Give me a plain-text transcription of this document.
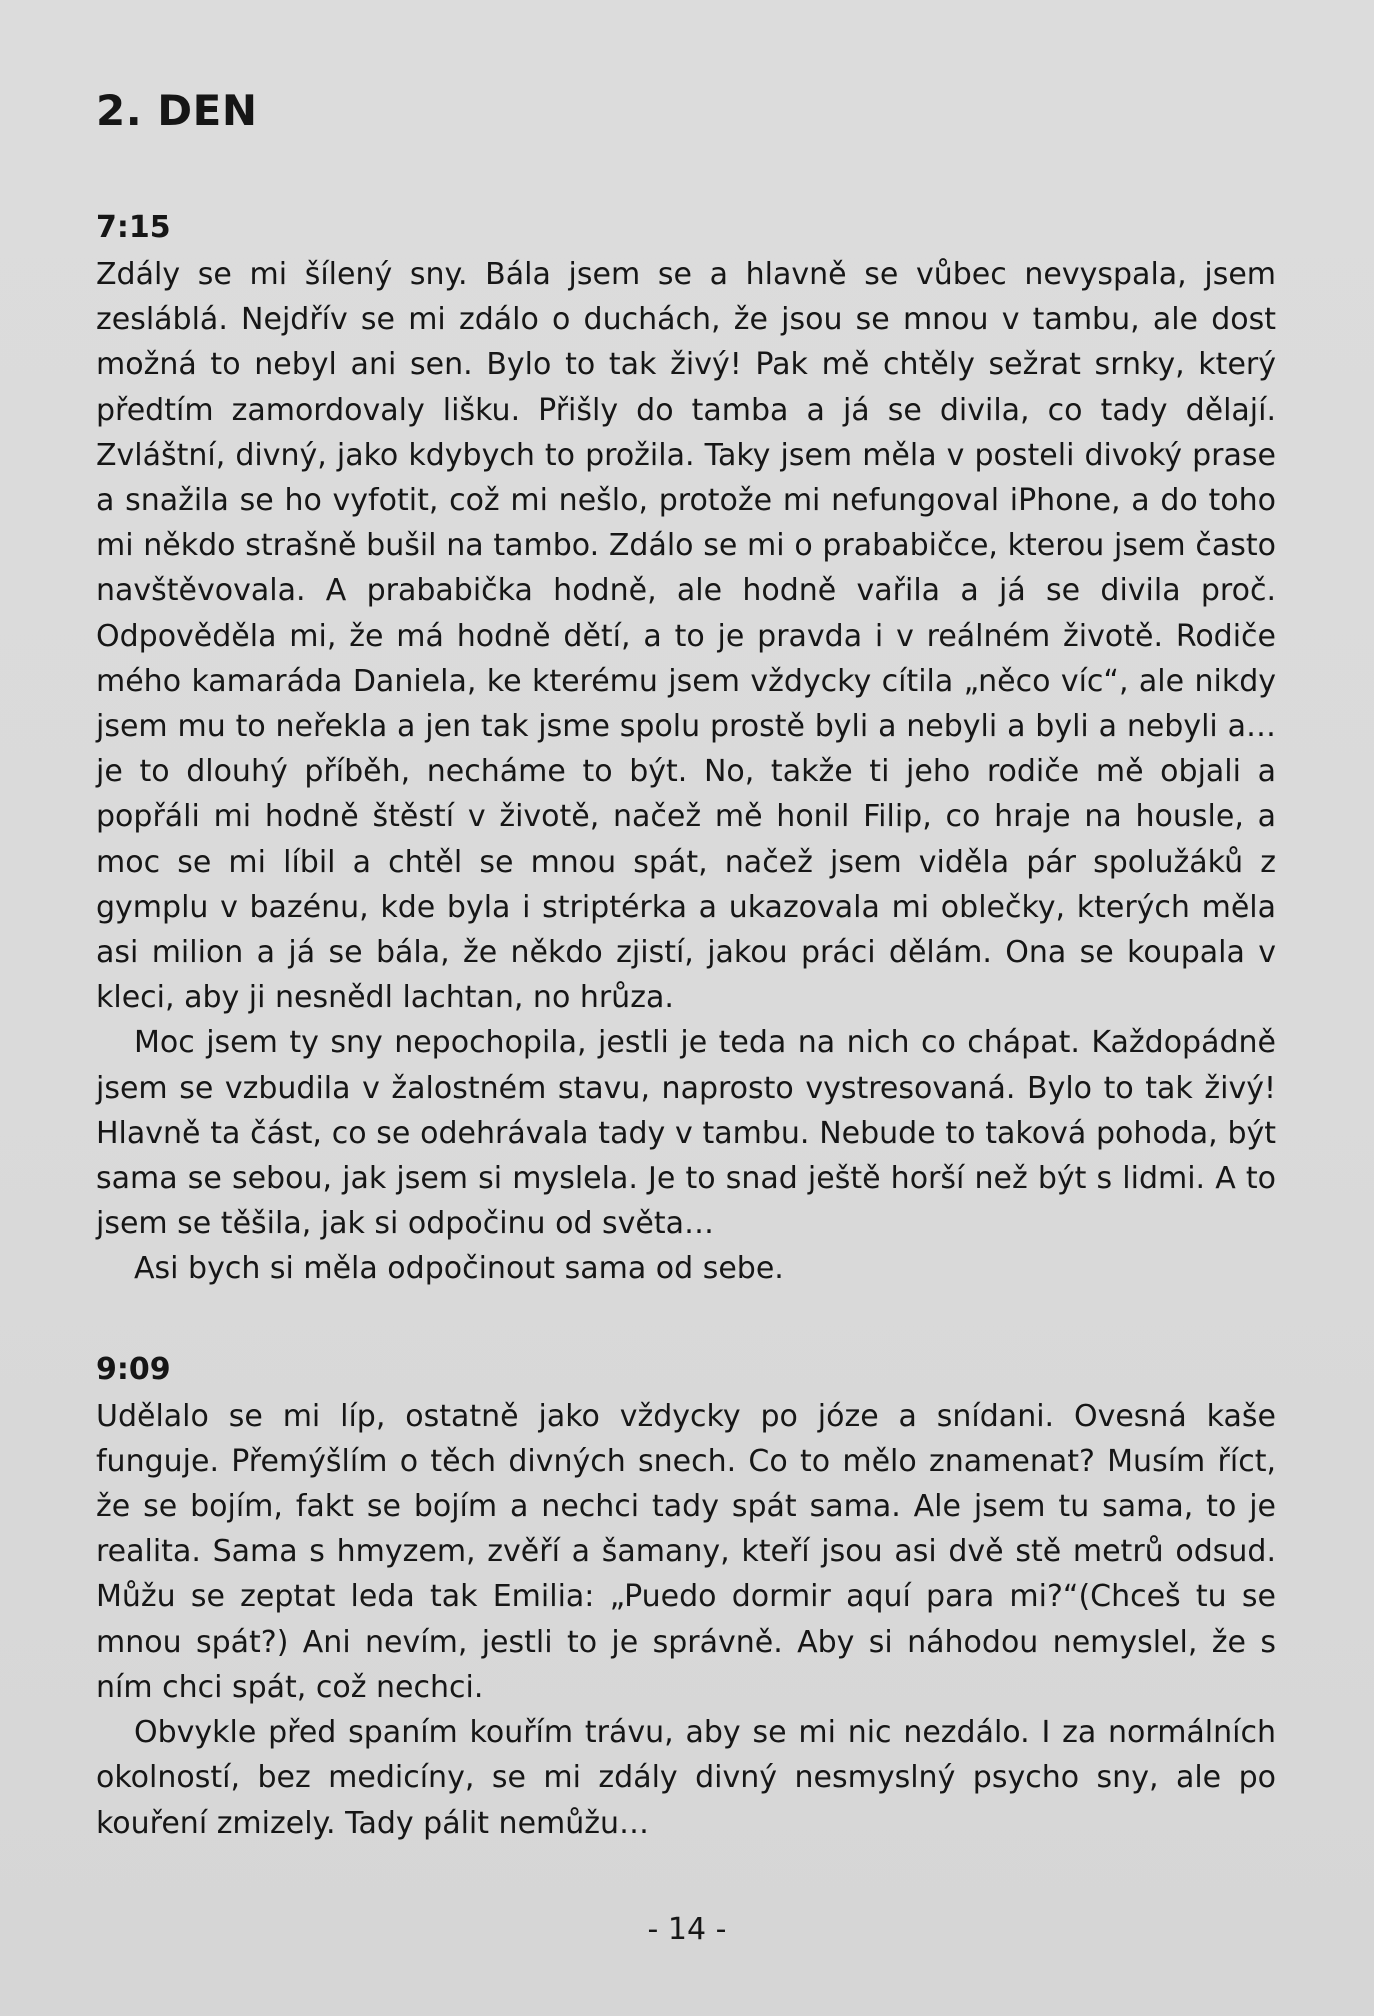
2. DEN
7:15

Zdály se mi šílený sny. Bála jsem se a hlavně se vůbec nevyspala, jsem zesláblá. Nejdřív se mi zdálo o duchách, že jsou se mnou v tambu, ale dost možná to nebyl ani sen. Bylo to tak živý! Pak mě chtěly sežrat srnky, který předtím zamordovaly lišku. Přišly do tamba a já se divila, co tady dělají. Zvláštní, divný, jako kdybych to prožila. Taky jsem měla v posteli divoký prase a snažila se ho vyfotit, což mi nešlo, protože mi nefungoval iPhone, a do toho mi někdo strašně bušil na tambo. Zdálo se mi o prababičce, kterou jsem často navštěvovala. A prababička hodně, ale hodně vařila a já se divila proč. Odpověděla mi, že má hodně dětí, a to je pravda i v reálném životě. Rodiče mého kamaráda Daniela, ke kterému jsem vždycky cítila „něco víc“, ale nikdy jsem mu to neřekla a jen tak jsme spolu prostě byli a nebyli a byli a nebyli a… je to dlouhý příběh, necháme to být. No, takže ti jeho rodiče mě objali a popřáli mi hodně štěstí v životě, načež mě honil Filip, co hraje na housle, a moc se mi líbil a chtěl se mnou spát, načež jsem viděla pár spolužáků z gymplu v bazénu, kde byla i striptérka a ukazovala mi oblečky, kterých měla asi milion a já se bála, že někdo zjistí, jakou práci dělám. Ona se koupala v kleci, aby ji nesnědl lachtan, no hrůza.

Moc jsem ty sny nepochopila, jestli je teda na nich co chápat. Každopádně jsem se vzbudila v žalostném stavu, naprosto vystresovaná. Bylo to tak živý! Hlavně ta část, co se odehrávala tady v tambu. Nebude to taková pohoda, být sama se sebou, jak jsem si myslela. Je to snad ještě horší než být s lidmi. A to jsem se těšila, jak si odpočinu od světa…

Asi bych si měla odpočinout sama od sebe.

9:09

Udělalo se mi líp, ostatně jako vždycky po józe a snídani. Ovesná kaše funguje. Přemýšlím o těch divných snech. Co to mělo znamenat? Musím říct, že se bojím, fakt se bojím a nechci tady spát sama. Ale jsem tu sama, to je realita. Sama s hmyzem, zvěří a šamany, kteří jsou asi dvě stě metrů odsud. Můžu se zeptat leda tak Emilia: „Puedo dormir aquí para mi?“(Chceš tu se mnou spát?) Ani nevím, jestli to je správně. Aby si náhodou nemyslel, že s ním chci spát, což nechci.

Obvykle před spaním kouřím trávu, aby se mi nic nezdálo. I za normálních okolností, bez medicíny, se mi zdály divný nesmyslný psycho sny, ale po kouření zmizely. Tady pálit nemůžu…

- 14 -
